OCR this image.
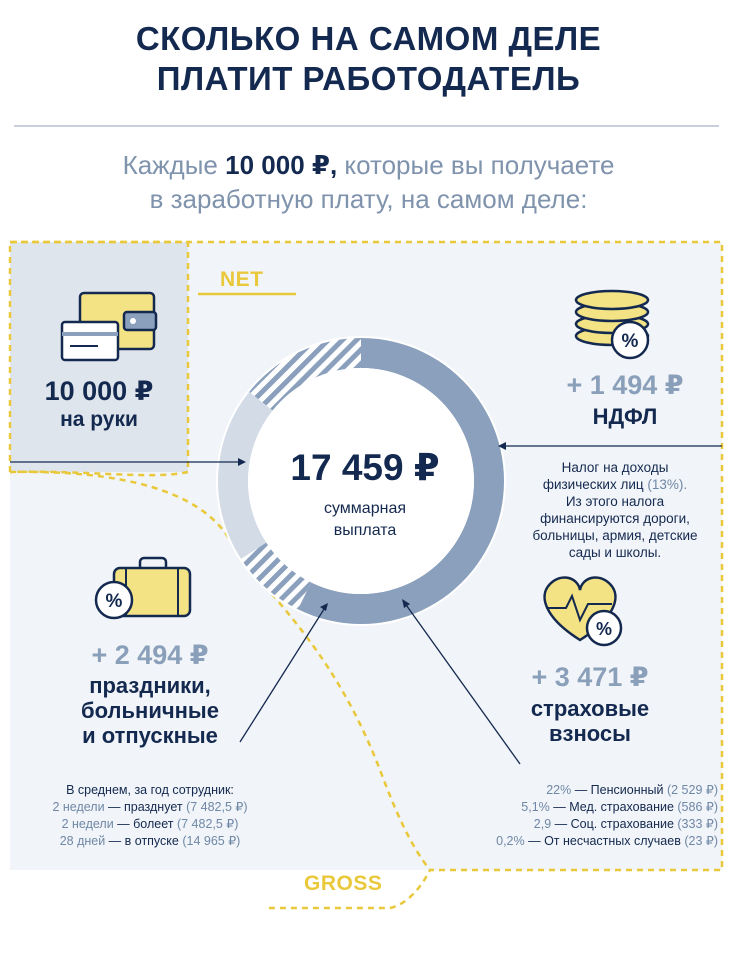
СКОЛЬКО НА САМОМ ДЕЛЕ
ПЛАТИТ РАБОТОДАТЕЛЬ
Каждые 10 000 ₽, которые вы получаете
в заработную плату, на самом деле:
%
%
%
NET
GROSS
10 000 ₽
на руки
17 459 ₽
суммарная
выплата
+ 1 494 ₽
НДФЛ
Налог на доходы
физических лиц (13%).
Из этого налога
финансируются дороги,
больницы, армия, детские
сады и школы.
+ 2 494 ₽
праздники,
больничные
и отпускные
В среднем, за год сотрудник:
2 недели — празднует (7 482,5 ₽)
2 недели — болеет (7 482,5 ₽)
28 дней — в отпуске (14 965 ₽)
+ 3 471 ₽
страховые
взносы
22% — Пенсионный (2 529 ₽)
5,1% — Мед. страхование (586 ₽)
2,9 — Соц. страхование (333 ₽)
0,2% — От несчастных случаев (23 ₽)
